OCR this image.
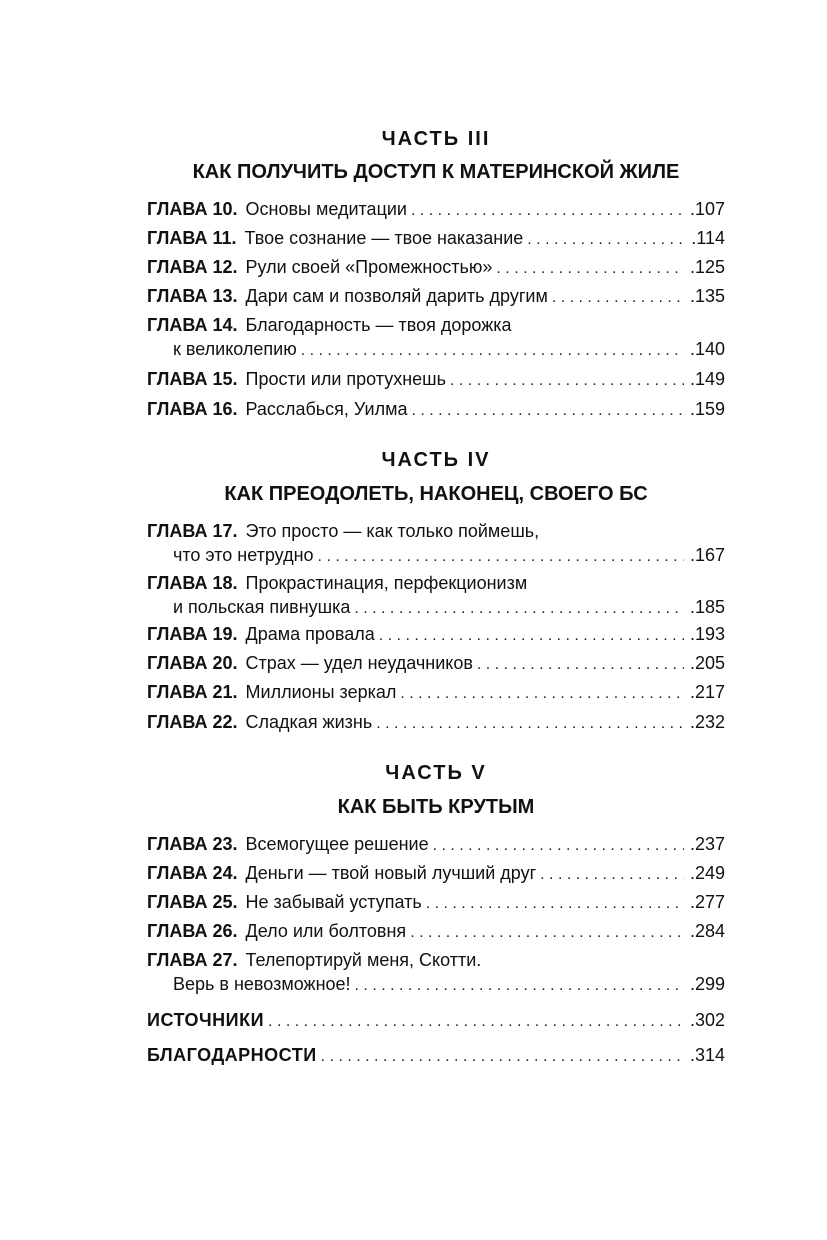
ЧАСТЬ III
КАК ПОЛУЧИТЬ ДОСТУП К МАТЕРИНСКОЙ ЖИЛЕ
ГЛАВА 10. Основы медитации . . .	. 107
ГЛАВА 11. Твое сознание — твое наказание . . .	. 114
ГЛАВА 12. Рули своей «Промежностью» . . .	. 125
ГЛАВА 13. Дари сам и позволяй дарить другим . . .	. 135
ГЛАВА 14. Благодарность — твоя дорожка
к великолепию . . .	. 140
ГЛАВА 15. Прости или протухнешь . . .	. 149
ГЛАВА 16. Расслабься, Уилма . . .	. 159
ЧАСТЬ IV
КАК ПРЕОДОЛЕТЬ, НАКОНЕЦ, СВОЕГО БС
ГЛАВА 17. Это просто — как только поймешь,
что это нетрудно . . .	. 167
ГЛАВА 18. Прокрастинация, перфекционизм
и польская пивнушка . . .	. 185
ГЛАВА 19. Драма провала . . .	. 193
ГЛАВА 20. Страх — удел неудачников . . .	. 205
ГЛАВА 21. Миллионы зеркал . . .	. 217
ГЛАВА 22. Сладкая жизнь . . .	. 232
ЧАСТЬ V
КАК БЫТЬ КРУТЫМ
ГЛАВА 23. Всемогущее решение . . .	. 237
ГЛАВА 24. Деньги — твой новый лучший друг . . .	. 249
ГЛАВА 25. Не забывай уступать . . .	. 277
ГЛАВА 26. Дело или болтовня . . .	. 284
ГЛАВА 27. Телепортируй меня, Скотти.
Верь в невозможное! . . .	. 299
ИСТОЧНИКИ . . .	. 302
БЛАГОДАРНОСТИ . . .	. 314
